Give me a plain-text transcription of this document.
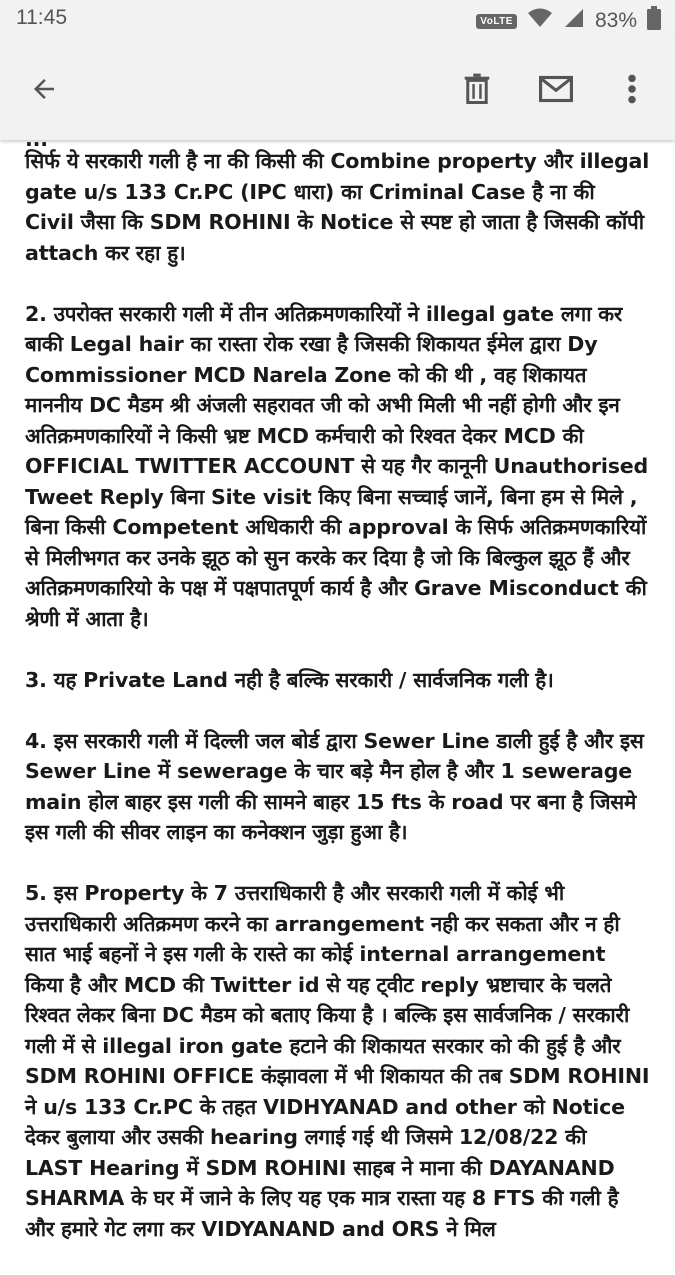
11:45	VoLTE	83%

सिर्फ ये सरकारी गली है ना की किसी की Combine property और illegal gate u/s 133 Cr.PC (IPC धारा) का Criminal Case है ना की Civil जैसा कि SDM ROHINI के Notice से स्पष्ट हो जाता है जिसकी कॉपी attach कर रहा हु।

2. उपरोक्त सरकारी गली में तीन अतिक्रमणकारियों ने illegal gate लगा कर बाकी Legal hair का रास्ता रोक रखा है जिसकी शिकायत ईमेल द्वारा Dy Commissioner MCD Narela Zone को की थी , वह शिकायत माननीय DC मैडम श्री अंजली सहरावत जी को अभी मिली भी नहीं होगी और इन अतिक्रमणकारियों ने किसी भ्रष्ट MCD कर्मचारी को रिश्वत देकर MCD की OFFICIAL TWITTER ACCOUNT से यह गैर कानूनी Unauthorised Tweet Reply बिना Site visit किए बिना सच्चाई जानें, बिना हम से मिले , बिना किसी Competent अधिकारी की approval के सिर्फ अतिक्रमणकारियों से मिलीभगत कर उनके झूठ को सुन करके कर दिया है जो कि बिल्कुल झूठ हैं और अतिक्रमणकारियो के पक्ष में पक्षपातपूर्ण कार्य है और Grave Misconduct की श्रेणी में आता है।

3. यह Private Land नही है बल्कि सरकारी / सार्वजनिक गली है।

4. इस सरकारी गली में दिल्ली जल बोर्ड द्वारा Sewer Line डाली हुई है और इस Sewer Line में sewerage के चार बड़े मैन होल है और 1 sewerage main होल बाहर इस गली की सामने बाहर 15 fts के road पर बना है जिसमे इस गली की सीवर लाइन का कनेक्शन जुड़ा हुआ है।

5. इस Property के 7 उत्तराधिकारी है और सरकारी गली में कोई भी उत्तराधिकारी अतिक्रमण करने का arrangement नही कर सकता और न ही सात भाई बहनों ने इस गली के रास्ते का कोई internal arrangement किया है और MCD की Twitter id से यह ट्वीट reply भ्रष्टाचार के चलते रिश्वत लेकर बिना DC मैडम को बताए किया है । बल्कि इस सार्वजनिक / सरकारी गली में से illegal iron gate हटाने की शिकायत सरकार को की हुई है और SDM ROHINI OFFICE कंझावला में भी शिकायत की तब SDM ROHINI ने u/s 133 Cr.PC के तहत VIDHYANAD and other को Notice देकर बुलाया और उसकी hearing लगाई गई थी जिसमे 12/08/22 की LAST Hearing में SDM ROHINI साहब ने माना की DAYANAND SHARMA के घर में जाने के लिए यह एक मात्र रास्ता यह 8 FTS की गली है और हमारे गेट लगा कर VIDYANAND and ORS ने मिल
